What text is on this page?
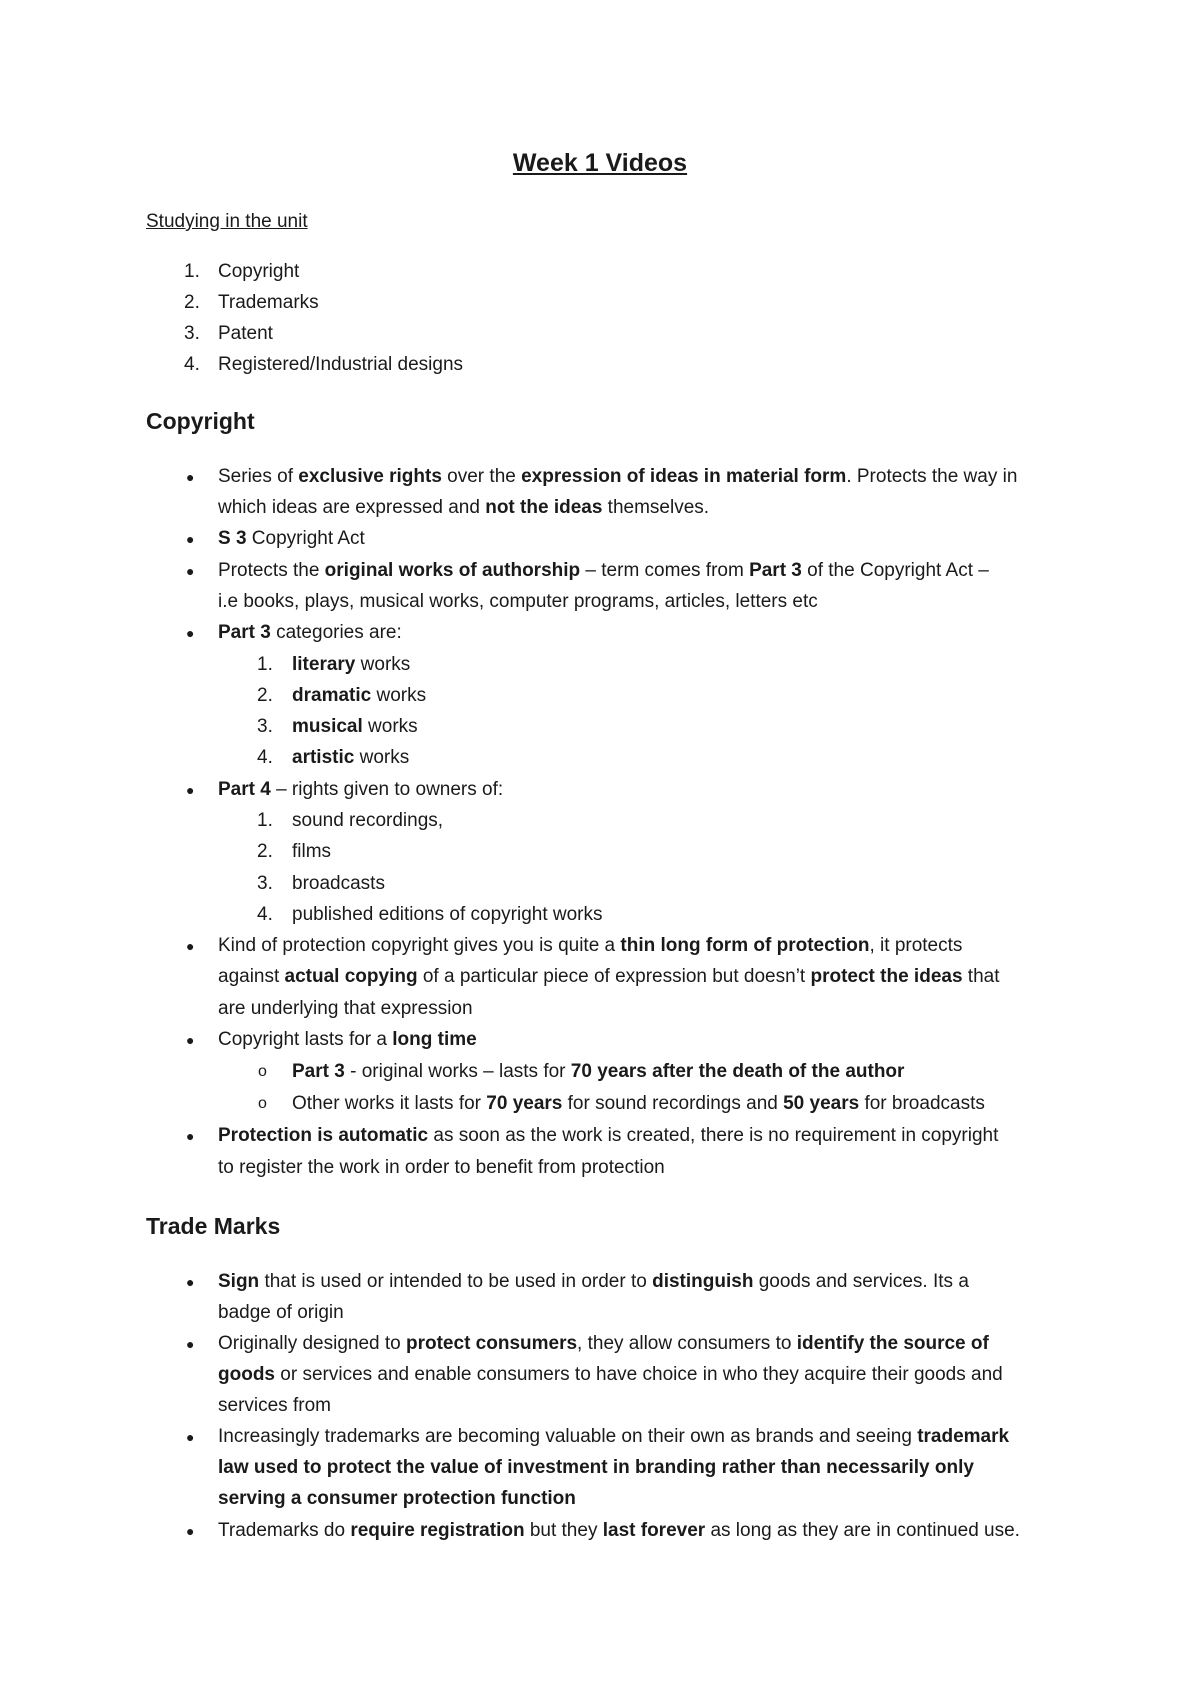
Week 1 Videos
Studying in the unit
1. Copyright
2. Trademarks
3. Patent
4. Registered/Industrial designs
Copyright
● Series of exclusive rights over the expression of ideas in material form. Protects the way in
which ideas are expressed and not the ideas themselves.
● S 3 Copyright Act
● Protects the original works of authorship – term comes from Part 3 of the Copyright Act –
i.e books, plays, musical works, computer programs, articles, letters etc
● Part 3 categories are:
1. literary works
2. dramatic works
3. musical works
4. artistic works
● Part 4 – rights given to owners of:
1. sound recordings,
2. films
3. broadcasts
4. published editions of copyright works
● Kind of protection copyright gives you is quite a thin long form of protection, it protects
against actual copying of a particular piece of expression but doesn’t protect the ideas that
are underlying that expression
● Copyright lasts for a long time
o Part 3 - original works – lasts for 70 years after the death of the author
o Other works it lasts for 70 years for sound recordings and 50 years for broadcasts
● Protection is automatic as soon as the work is created, there is no requirement in copyright
to register the work in order to benefit from protection
Trade Marks
● Sign that is used or intended to be used in order to distinguish goods and services. Its a
badge of origin
● Originally designed to protect consumers, they allow consumers to identify the source of
goods or services and enable consumers to have choice in who they acquire their goods and
services from
● Increasingly trademarks are becoming valuable on their own as brands and seeing trademark
law used to protect the value of investment in branding rather than necessarily only
serving a consumer protection function
● Trademarks do require registration but they last forever as long as they are in continued use.
